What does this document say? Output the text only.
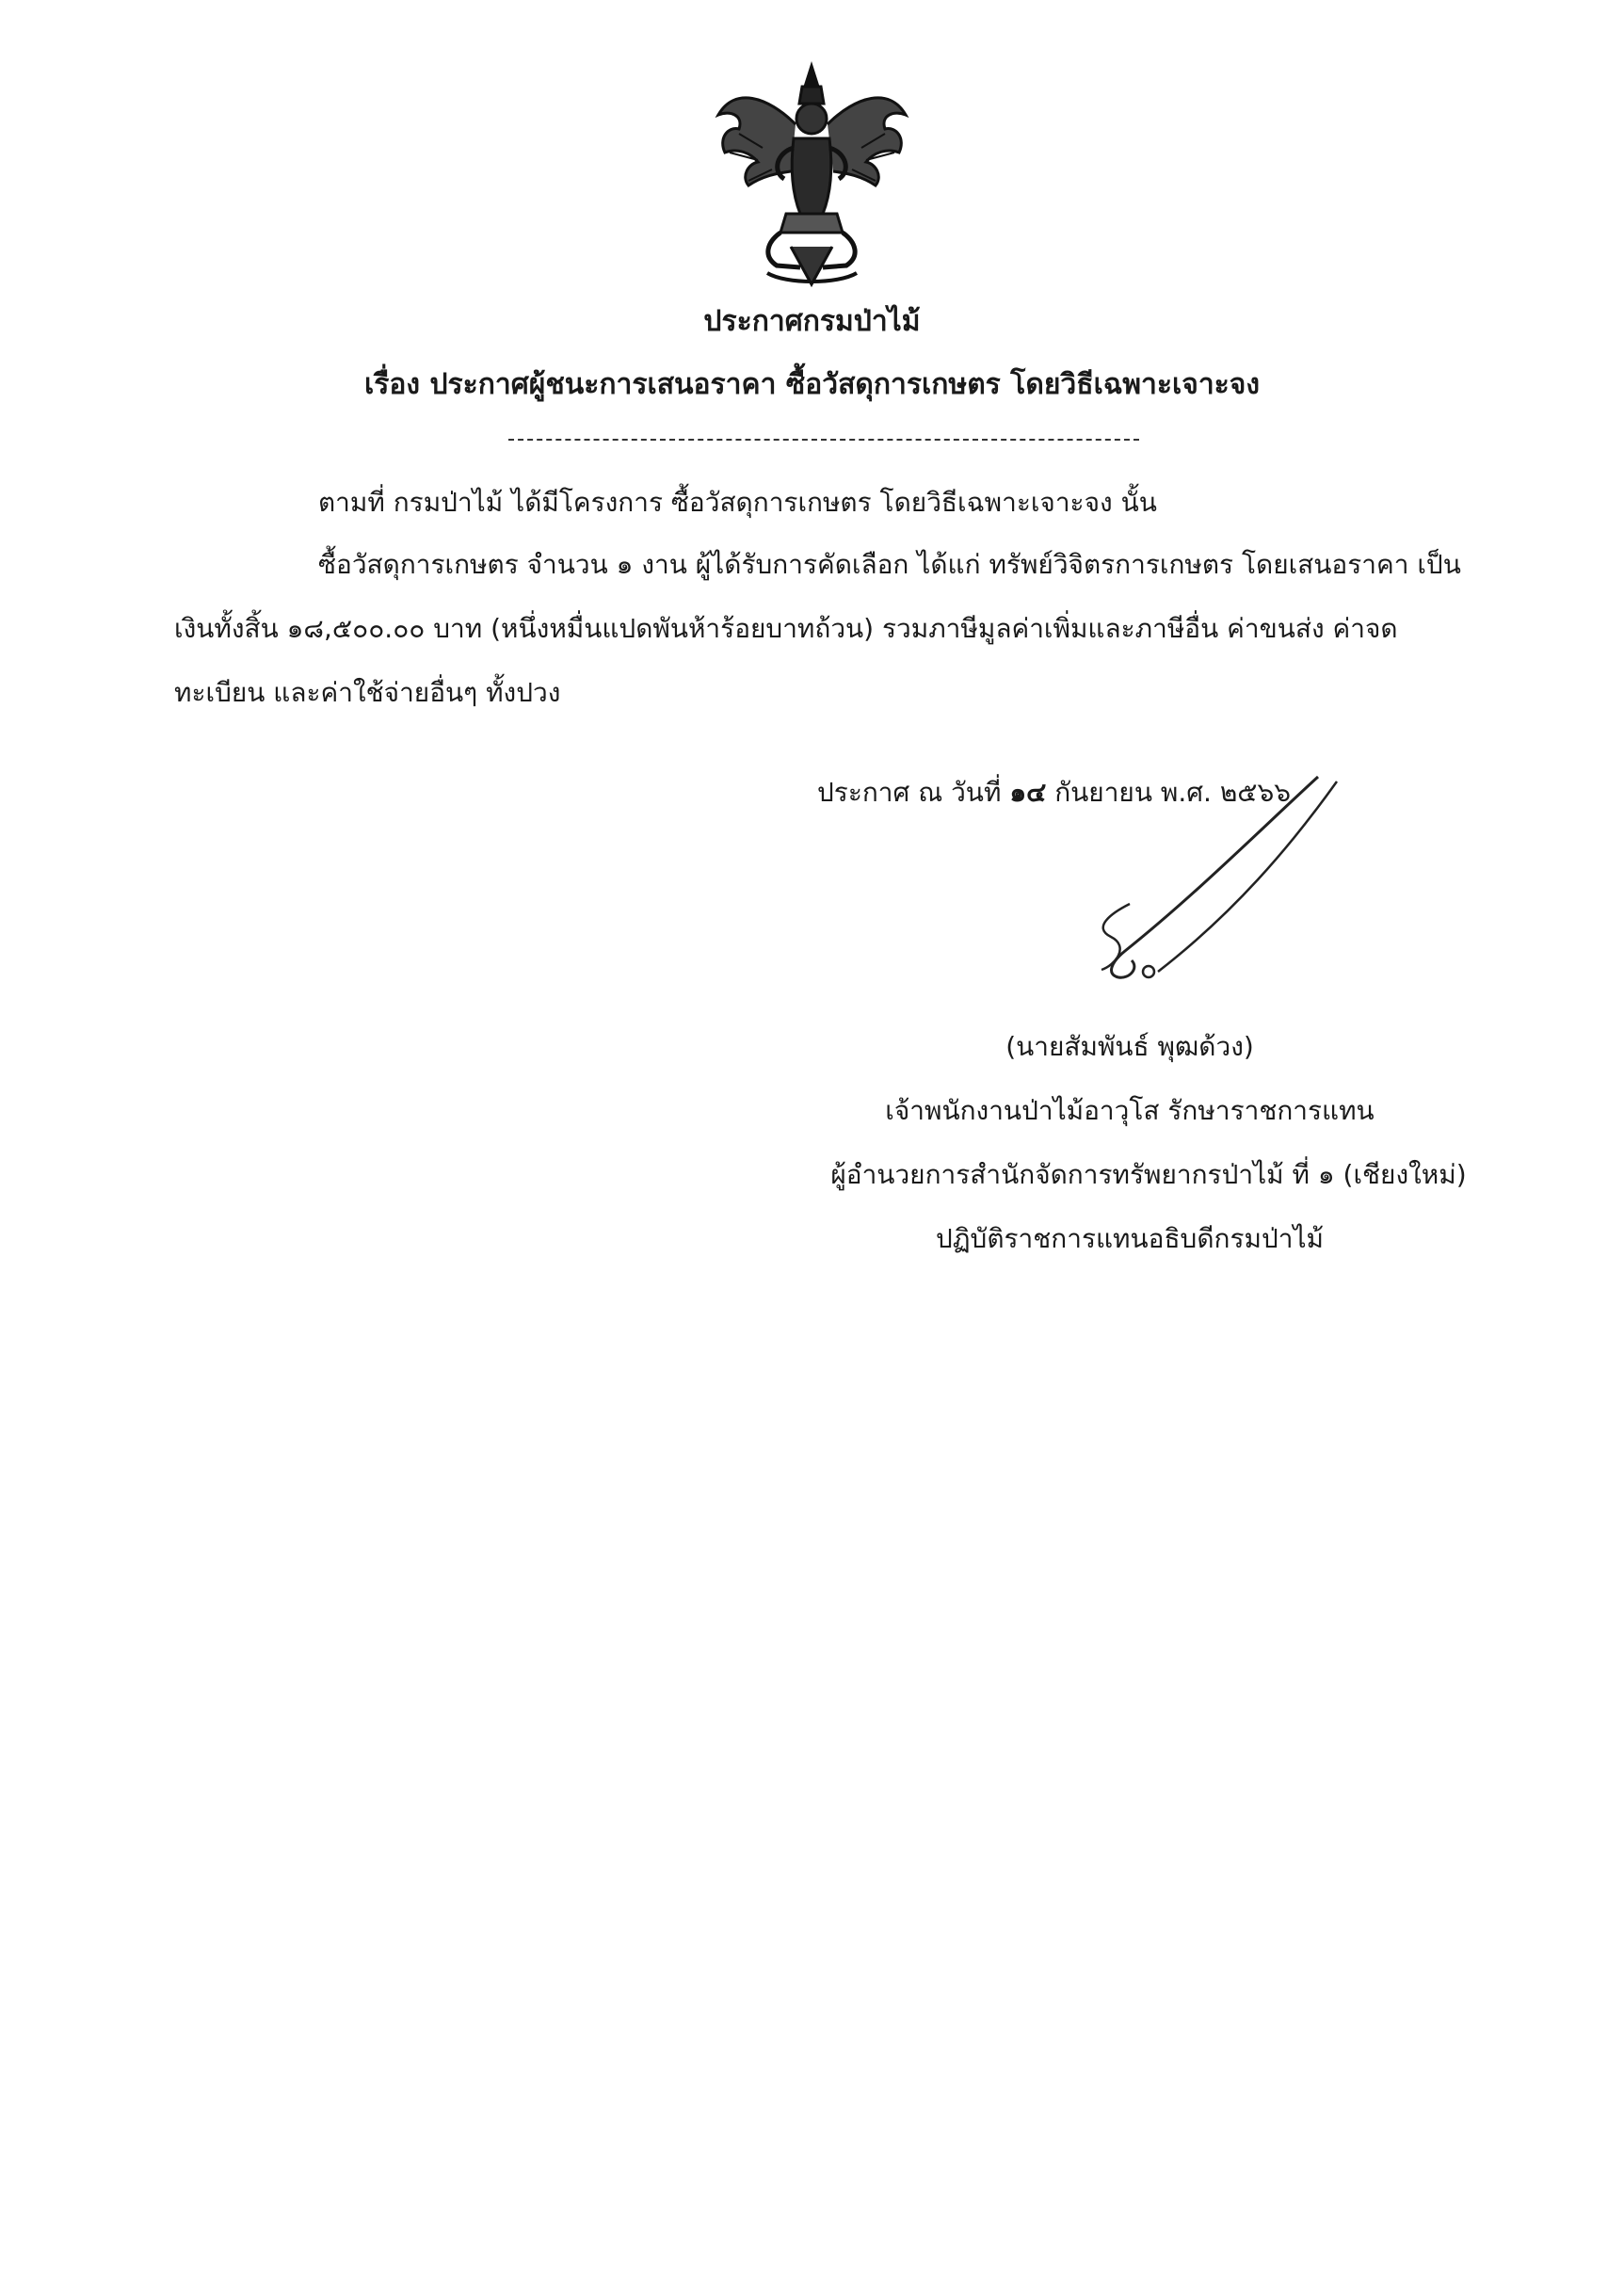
ประกาศกรมป่าไม้
เรื่อง ประกาศผู้ชนะการเสนอราคา ซื้อวัสดุการเกษตร โดยวิธีเฉพาะเจาะจง
ตามที่ กรมป่าไม้ ได้มีโครงการ ซื้อวัสดุการเกษตร โดยวิธีเฉพาะเจาะจง นั้น
ซื้อวัสดุการเกษตร จำนวน ๑ งาน ผู้ได้รับการคัดเลือก ได้แก่ ทรัพย์วิจิตรการเกษตร โดยเสนอราคา เป็น
เงินทั้งสิ้น ๑๘,๕๐๐.๐๐ บาท (หนึ่งหมื่นแปดพันห้าร้อยบาทถ้วน) รวมภาษีมูลค่าเพิ่มและภาษีอื่น ค่าขนส่ง ค่าจด
ทะเบียน และค่าใช้จ่ายอื่นๆ ทั้งปวง
ประกาศ ณ วันที่ ๑๔ กันยายน พ.ศ. ๒๕๖๖
(นายสัมพันธ์ พุฒด้วง)
เจ้าพนักงานป่าไม้อาวุโส รักษาราชการแทน
ผู้อำนวยการสำนักจัดการทรัพยากรป่าไม้ ที่ ๑ (เชียงใหม่)
ปฏิบัติราชการแทนอธิบดีกรมป่าไม้
